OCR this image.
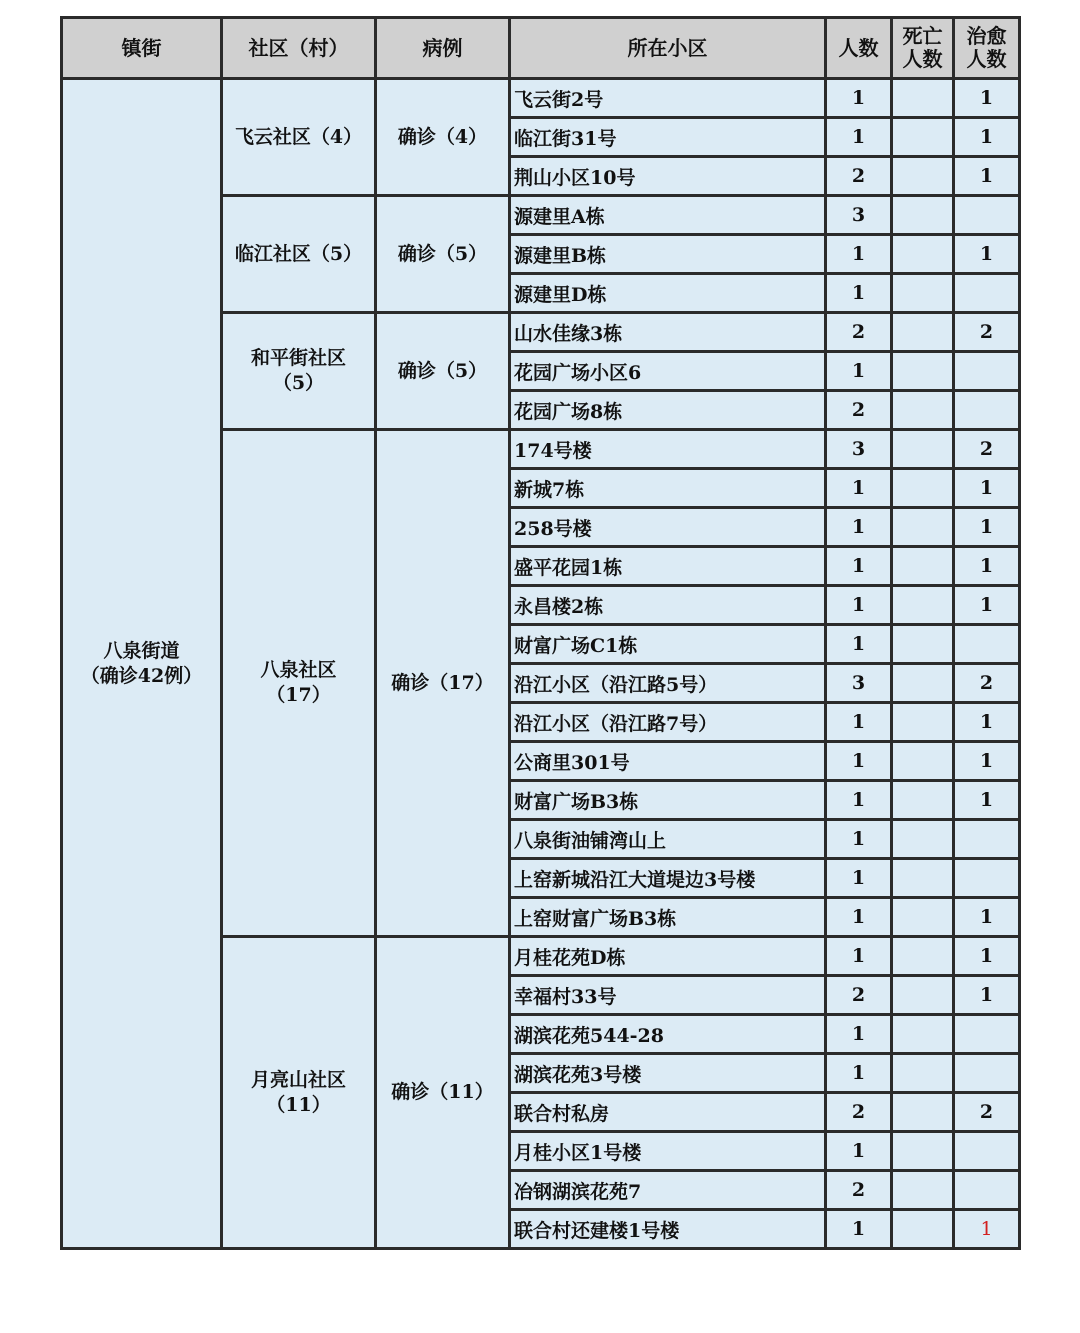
镇街	社区（村）	病例	所在小区	人数	死亡人数	治愈人数

八泉街道
（确诊42例）	飞云社区（4）	确诊（4）	飞云街2号	1		1
			临江街31号	1		1
			荆山小区10号	2		1
	临江社区（5）	确诊（5）	源建里A栋	3		
			源建里B栋	1		1
			源建里D栋	1		
	和平街社区（5）	确诊（5）	山水佳缘3栋	2		2
			花园广场小区6	1		
			花园广场8栋	2		
	八泉社区（17）	确诊（17）	174号楼	3		2
			新城7栋	1		1
			258号楼	1		1
			盛平花园1栋	1		1
			永昌楼2栋	1		1
			财富广场C1栋	1		
			沿江小区（沿江路5号）	3		2
			沿江小区（沿江路7号）	1		1
			公商里301号	1		1
			财富广场B3栋	1		1
			八泉街油铺湾山上	1		
			上窑新城沿江大道堤边3号楼	1		
			上窑财富广场B3栋	1		1
	月亮山社区（11）	确诊（11）	月桂花苑D栋	1		1
			幸福村33号	2		1
			湖滨花苑544-28	1		
			湖滨花苑3号楼	1		
			联合村私房	2		2
			月桂小区1号楼	1		
			冶钢湖滨花苑7	2		
			联合村还建楼1号楼	1		1
